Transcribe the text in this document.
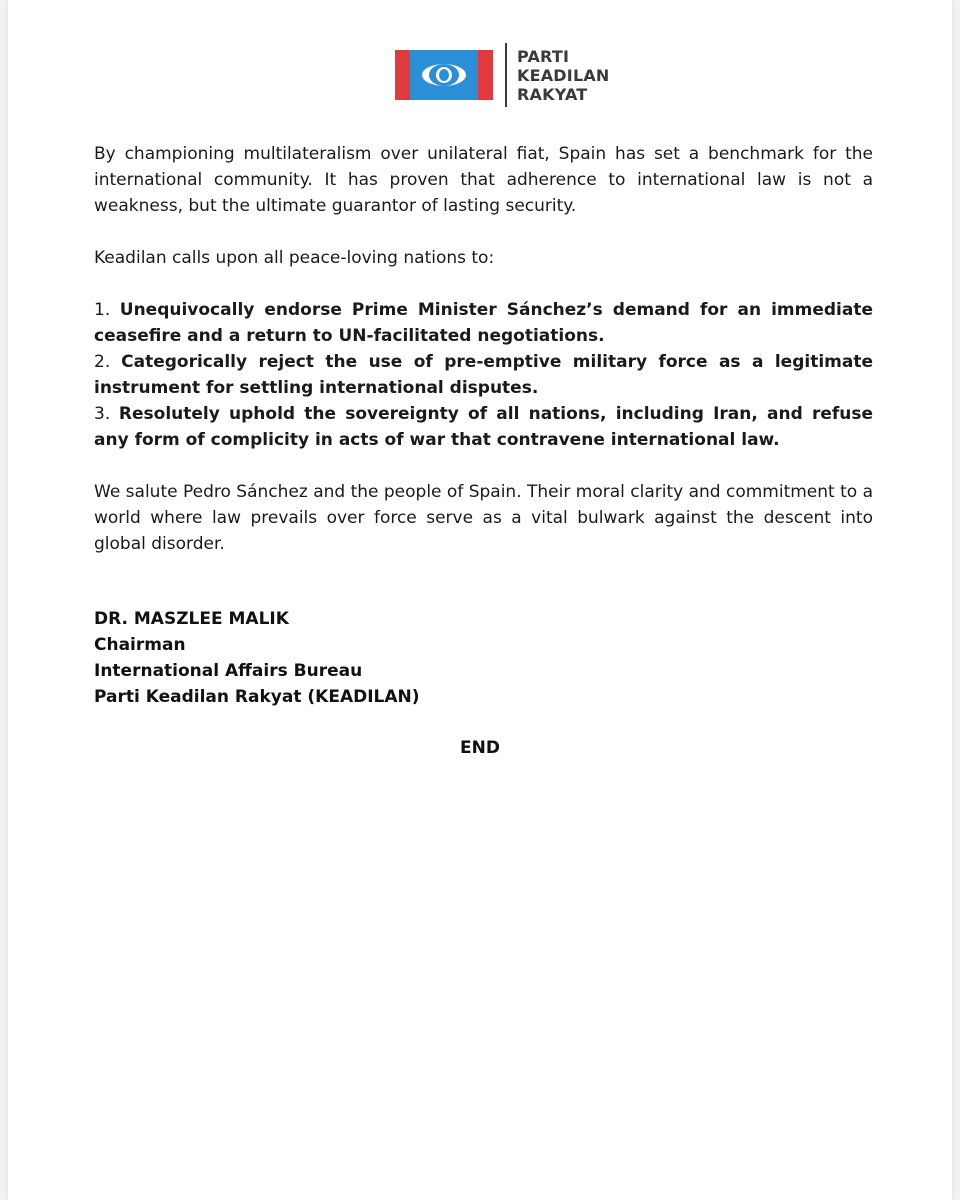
PARTI
KEADILAN
RAKYAT

By championing multilateralism over unilateral fiat, Spain has set a benchmark for the international community. It has proven that adherence to international law is not a weakness, but the ultimate guarantor of lasting security.

Keadilan calls upon all peace-loving nations to:

1. Unequivocally endorse Prime Minister Sánchez’s demand for an immediate ceasefire and a return to UN-facilitated negotiations.

2. Categorically reject the use of pre-emptive military force as a legitimate instrument for settling international disputes.

3. Resolutely uphold the sovereignty of all nations, including Iran, and refuse any form of complicity in acts of war that contravene international law.

We salute Pedro Sánchez and the people of Spain. Their moral clarity and commitment to a world where law prevails over force serve as a vital bulwark against the descent into global disorder.

DR. MASZLEE MALIK
Chairman
International Affairs Bureau
Parti Keadilan Rakyat (KEADILAN)
END
